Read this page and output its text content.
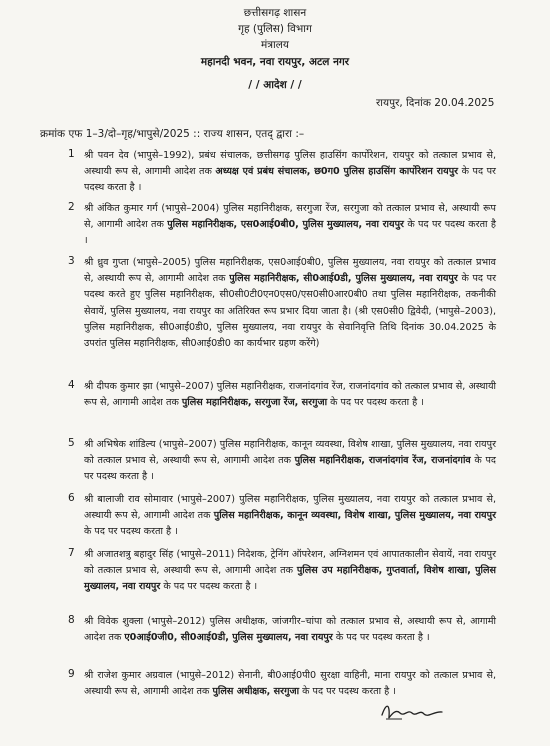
छत्तीसगढ़ शासन
गृह (पुलिस) विभाग
मंत्रालय
महानदी भवन, नवा रायपुर, अटल नगर
/ / आदेश / /
रायपुर, दिनांक 20.04.2025
क्रमांक एफ 1–3/दो–गृह/भापुसे/2025 :: राज्य शासन, एतद् द्वारा :–
1 श्री पवन देव (भापुसे–1992), प्रबंध संचालक, छत्तीसगढ़ पुलिस हाउसिंग कार्पोरेशन, रायपुर को तत्काल प्रभाव से, अस्थायी रूप से, आगामी आदेश तक अध्यक्ष एवं प्रबंध संचालक, छ0ग0 पुलिस हाउसिंग कार्पोरेशन रायपुर के पद पर पदस्थ करता है ।
2 श्री अंकित कुमार गर्ग (भापुसे–2004) पुलिस महानिरीक्षक, सरगुजा रेंज, सरगुजा को तत्काल प्रभाव से, अस्थायी रूप से, आगामी आदेश तक पुलिस महानिरीक्षक, एस0आई0बी0, पुलिस मुख्यालय, नवा रायपुर के पद पर पदस्थ करता है ।
3 श्री ध्रुव गुप्ता (भापुसे–2005) पुलिस महानिरीक्षक, एस0आई0बी0, पुलिस मुख्यालय, नवा रायपुर को तत्काल प्रभाव से, अस्थायी रूप से, आगामी आदेश तक पुलिस महानिरीक्षक, सी0आई0डी, पुलिस मुख्यालय, नवा रायपुर के पद पर पदस्थ करते हुए पुलिस महानिरीक्षक, सी0सी0टी0एन0एस0/एस0सी0आर0बी0 तथा पुलिस महानिरीक्षक, तकनीकी सेवायें, पुलिस मुख्यालय, नवा रायपुर का अतिरिक्त रूप प्रभार दिया जाता है। (श्री एस0सी0 द्विवेदी, (भापुसे–2003), पुलिस महानिरीक्षक, सी0आई0डी0, पुलिस मुख्यालय, नवा रायपुर के सेवानिवृत्ति तिथि दिनांक 30.04.2025 के उपरांत पुलिस महानिरीक्षक, सी0आई0डी0 का कार्यभार ग्रहण करेंगे)
4 श्री दीपक कुमार झा (भापुसे–2007) पुलिस महानिरीक्षक, राजनांदगांव रेंज, राजनांदगांव को तत्काल प्रभाव से, अस्थायी रूप से, आगामी आदेश तक पुलिस महानिरीक्षक, सरगुजा रेंज, सरगुजा के पद पर पदस्थ करता है ।
5 श्री अभिषेक शांडिल्य (भापुसे–2007) पुलिस महानिरीक्षक, कानून व्यवस्था, विशेष शाखा, पुलिस मुख्यालय, नवा रायपुर को तत्काल प्रभाव से, अस्थायी रूप से, आगामी आदेश तक पुलिस महानिरीक्षक, राजनांदगांव रेंज, राजनांदगांव के पद पर पदस्थ करता है ।
6 श्री बालाजी राव सोमावार (भापुसे–2007) पुलिस महानिरीक्षक, पुलिस मुख्यालय, नवा रायपुर को तत्काल प्रभाव से, अस्थायी रूप से, आगामी आदेश तक पुलिस महानिरीक्षक, कानून व्यवस्था, विशेष शाखा, पुलिस मुख्यालय, नवा रायपुर के पद पर पदस्थ करता है ।
7 श्री अजातशत्रु बहादुर सिंह (भापुसे–2011) निदेशक, ट्रेनिंग ऑपरेशन, अग्निशमन एवं आपातकालीन सेवायें, नवा रायपुर को तत्काल प्रभाव से, अस्थायी रूप से, आगामी आदेश तक पुलिस उप महानिरीक्षक, गुप्तवार्ता, विशेष शाखा, पुलिस मुख्यालय, नवा रायपुर के पद पर पदस्थ करता है ।
8 श्री विवेक शुक्ला (भापुसे–2012) पुलिस अधीक्षक, जांजगीर–चांपा को तत्काल प्रभाव से, अस्थायी रूप से, आगामी आदेश तक ए0आई0जी0, सी0आई0डी, पुलिस मुख्यालय, नवा रायपुर के पद पर पदस्थ करता है ।
9 श्री राजेश कुमार अग्रवाल (भापुसे–2012) सेनानी, बी0आई0पी0 सुरक्षा वाहिनी, माना रायपुर को तत्काल प्रभाव से, अस्थायी रूप से, आगामी आदेश तक पुलिस अधीक्षक, सरगुजा के पद पर पदस्थ करता है ।
